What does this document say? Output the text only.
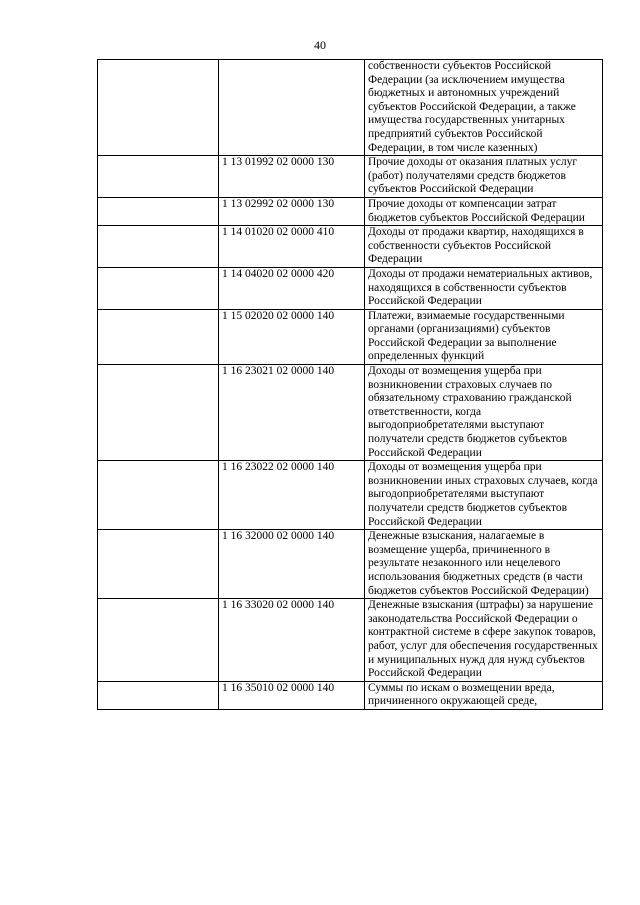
40
		собственности субъектов Российской Федерации (за исключением имущества бюджетных и автономных учреждений субъектов Российской Федерации, а также имущества государственных унитарных предприятий субъектов Российской Федерации, в том числе казенных)
	1 13 01992 02 0000 130	Прочие доходы от оказания платных услуг (работ) получателями средств бюджетов субъектов Российской Федерации
	1 13 02992 02 0000 130	Прочие доходы от компенсации затрат бюджетов субъектов Российской Федерации
	1 14 01020 02 0000 410	Доходы от продажи квартир, находящихся в собственности субъектов Российской Федерации
	1 14 04020 02 0000 420	Доходы от продажи нематериальных активов, находящихся в собственности субъектов Российской Федерации
	1 15 02020 02 0000 140	Платежи, взимаемые государственными органами (организациями) субъектов Российской Федерации за выполнение определенных функций
	1 16 23021 02 0000 140	Доходы от возмещения ущерба при возникновении страховых случаев по обязательному страхованию гражданской ответственности, когда выгодоприобретателями выступают получатели средств бюджетов субъектов Российской Федерации
	1 16 23022 02 0000 140	Доходы от возмещения ущерба при возникновении иных страховых случаев, когда выгодоприобретателями выступают получатели средств бюджетов субъектов Российской Федерации
	1 16 32000 02 0000 140	Денежные взыскания, налагаемые в возмещение ущерба, причиненного в результате незаконного или нецелевого использования бюджетных средств (в части бюджетов субъектов Российской Федерации)
	1 16 33020 02 0000 140	Денежные взыскания (штрафы) за нарушение законодательства Российской Федерации о контрактной системе в сфере закупок товаров, работ, услуг для обеспечения государственных и муниципальных нужд для нужд субъектов Российской Федерации
	1 16 35010 02 0000 140	Суммы по искам о возмещении вреда, причиненного окружающей среде,
